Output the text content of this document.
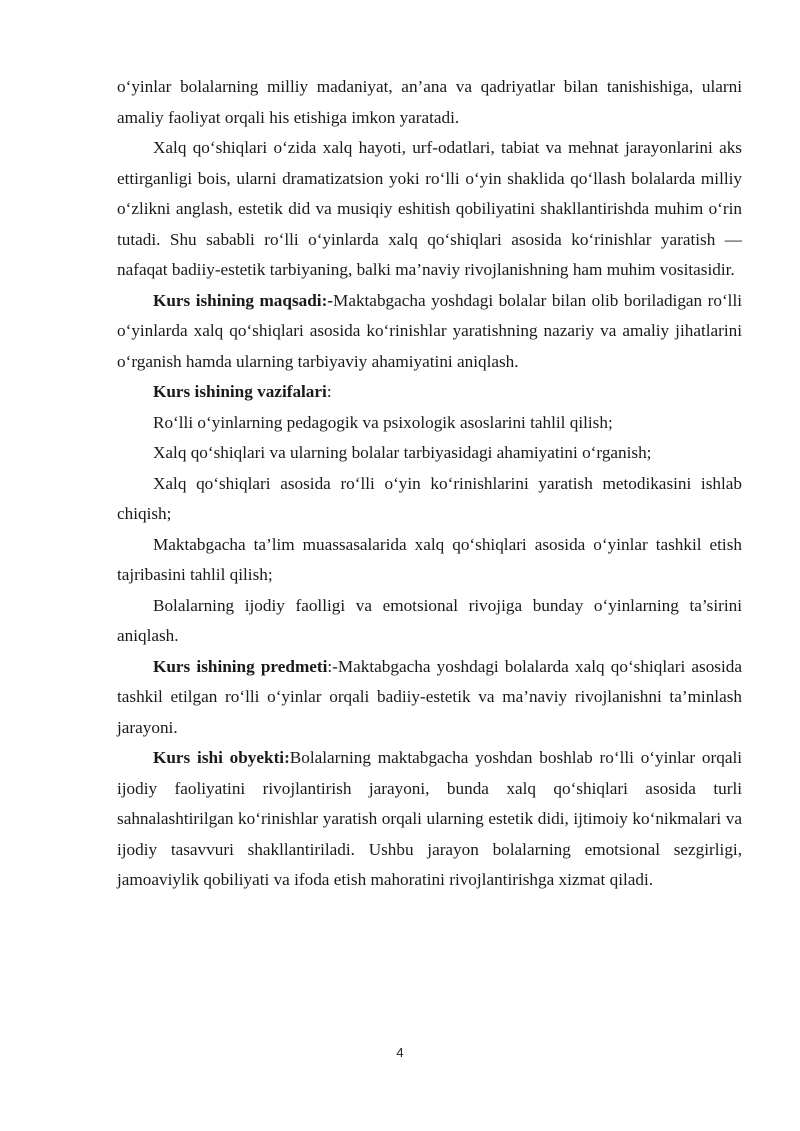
o‘yinlar bolalarning milliy madaniyat, an’ana va qadriyatlar bilan tanishishiga, ularni amaliy faoliyat orqali his etishiga imkon yaratadi.

Xalq qo‘shiqlari o‘zida xalq hayoti, urf-odatlari, tabiat va mehnat jarayonlarini aks ettirganligi bois, ularni dramatizatsion yoki ro‘lli o‘yin shaklida qo‘llash bolalarda milliy o‘zlikni anglash, estetik did va musiqiy eshitish qobiliyatini shakllantirishda muhim o‘rin tutadi. Shu sababli ro‘lli o‘yinlarda xalq qo‘shiqlari asosida ko‘rinishlar yaratish — nafaqat badiiy-estetik tarbiyaning, balki ma’naviy rivojlanishning ham muhim vositasidir.

Kurs ishining maqsadi:-Maktabgacha yoshdagi bolalar bilan olib boriladigan ro‘lli o‘yinlarda xalq qo‘shiqlari asosida ko‘rinishlar yaratishning nazariy va amaliy jihatlarini o‘rganish hamda ularning tarbiyaviy ahamiyatini aniqlash.

Kurs ishining vazifalari:

Ro‘lli o‘yinlarning pedagogik va psixologik asoslarini tahlil qilish;

Xalq qo‘shiqlari va ularning bolalar tarbiyasidagi ahamiyatini o‘rganish;

Xalq qo‘shiqlari asosida ro‘lli o‘yin ko‘rinishlarini yaratish metodikasini ishlab chiqish;

Maktabgacha ta’lim muassasalarida xalq qo‘shiqlari asosida o‘yinlar tashkil etish tajribasini tahlil qilish;

Bolalarning ijodiy faolligi va emotsional rivojiga bunday o‘yinlarning ta’sirini aniqlash.

Kurs ishining predmeti:-Maktabgacha yoshdagi bolalarda xalq qo‘shiqlari asosida tashkil etilgan ro‘lli o‘yinlar orqali badiiy-estetik va ma’naviy rivojlanishni ta’minlash jarayoni.

Kurs ishi obyekti:Bolalarning maktabgacha yoshdan boshlab ro‘lli o‘yinlar orqali ijodiy faoliyatini rivojlantirish jarayoni, bunda xalq qo‘shiqlari asosida turli sahnalashtirilgan ko‘rinishlar yaratish orqali ularning estetik didi, ijtimoiy ko‘nikmalari va ijodiy tasavvuri shakllantiriladi. Ushbu jarayon bolalarning emotsional sezgirligi, jamoaviylik qobiliyati va ifoda etish mahoratini rivojlantirishga xizmat qiladi.

4
